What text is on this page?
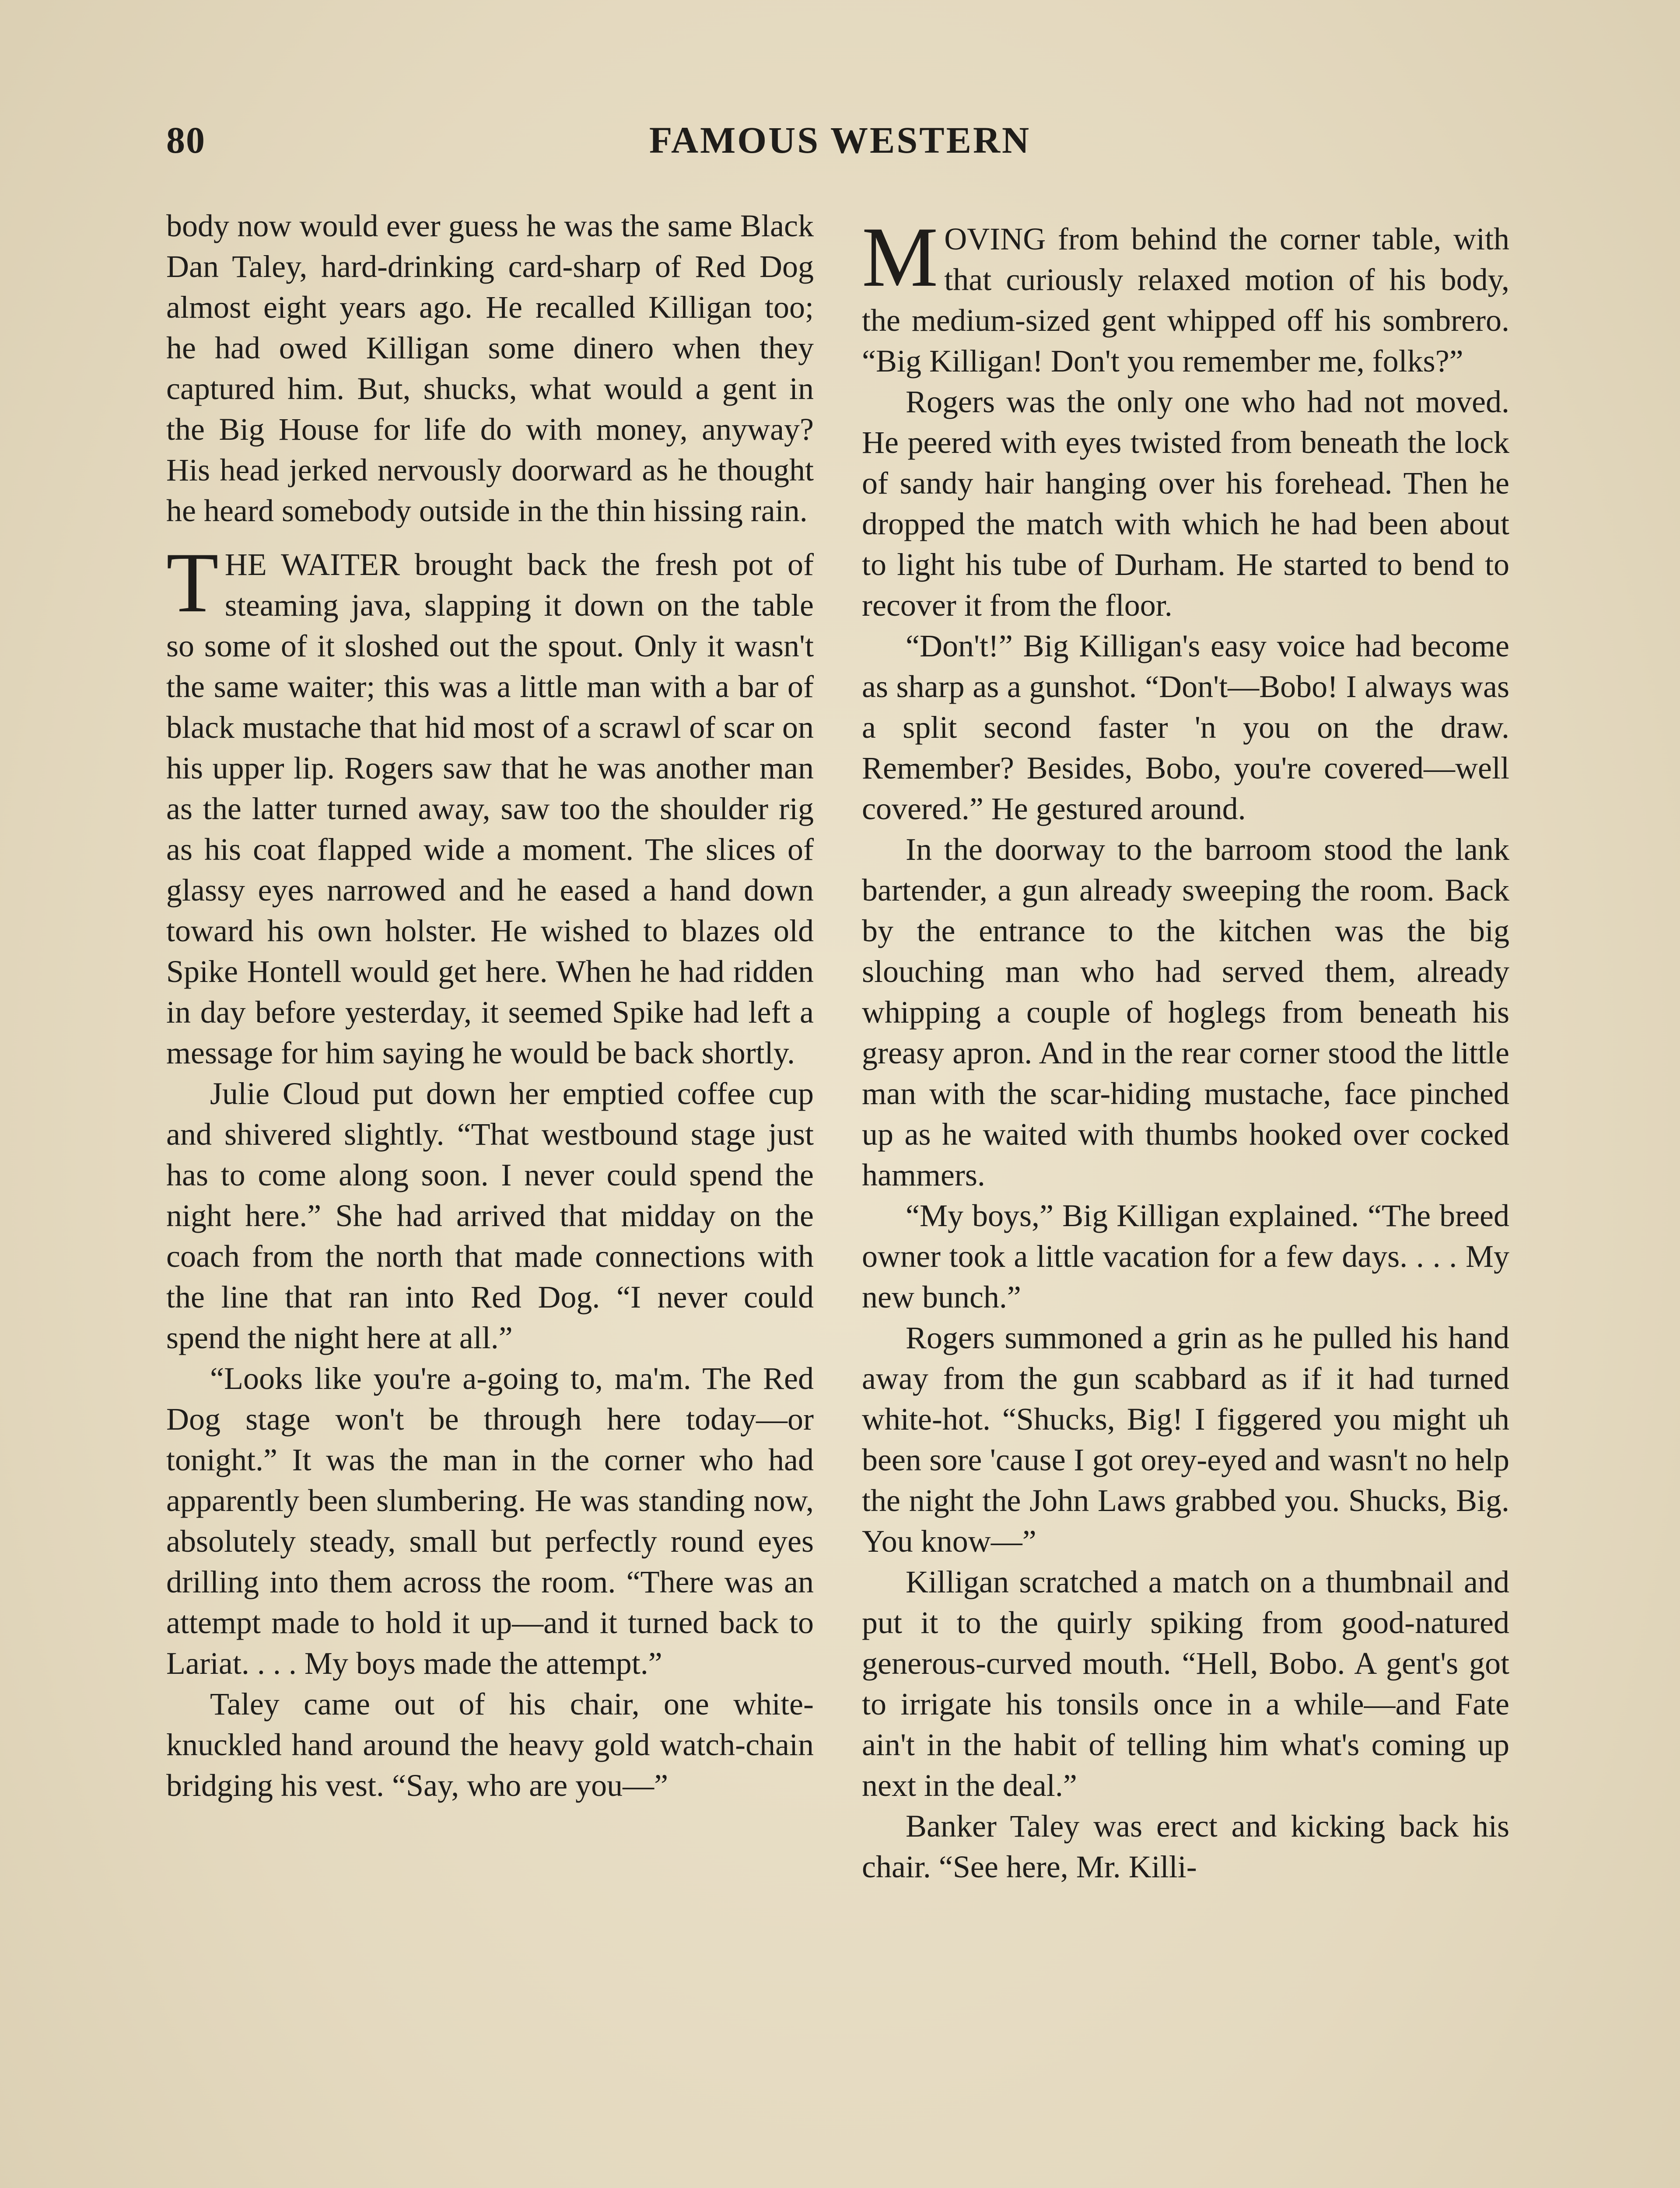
80	FAMOUS WESTERN

body now would ever guess he was the same Black Dan Taley, hard-drinking card-sharp of Red Dog almost eight years ago. He recalled Killigan too; he had owed Killigan some dinero when they captured him. But, shucks, what would a gent in the Big House for life do with money, anyway? His head jerked nervously doorward as he thought he heard somebody outside in the thin hissing rain.

THE WAITER brought back the fresh pot of steaming java, slapping it down on the table so some of it sloshed out the spout. Only it wasn't the same waiter; this was a little man with a bar of black mustache that hid most of a scrawl of scar on his upper lip. Rogers saw that he was another man as the latter turned away, saw too the shoulder rig as his coat flapped wide a moment. The slices of glassy eyes narrowed and he eased a hand down toward his own holster. He wished to blazes old Spike Hontell would get here. When he had ridden in day before yesterday, it seemed Spike had left a message for him saying he would be back shortly.

Julie Cloud put down her emptied coffee cup and shivered slightly. “That westbound stage just has to come along soon. I never could spend the night here.” She had arrived that midday on the coach from the north that made connections with the line that ran into Red Dog. “I never could spend the night here at all.”

“Looks like you're a-going to, ma'm. The Red Dog stage won't be through here today—or tonight.” It was the man in the corner who had apparently been slumbering. He was standing now, absolutely steady, small but perfectly round eyes drilling into them across the room. “There was an attempt made to hold it up—and it turned back to Lariat. . . . My boys made the attempt.”

Taley came out of his chair, one white-knuckled hand around the heavy gold watch-chain bridging his vest. “Say, who are you—”

MOVING from behind the corner table, with that curiously relaxed motion of his body, the medium-sized gent whipped off his sombrero. “Big Killigan! Don't you remember me, folks?”

Rogers was the only one who had not moved. He peered with eyes twisted from beneath the lock of sandy hair hanging over his forehead. Then he dropped the match with which he had been about to light his tube of Durham. He started to bend to recover it from the floor.

“Don't!” Big Killigan's easy voice had become as sharp as a gunshot. “Don't—Bobo! I always was a split second faster 'n you on the draw. Remember? Besides, Bobo, you're covered—well covered.” He gestured around.

In the doorway to the barroom stood the lank bartender, a gun already sweeping the room. Back by the entrance to the kitchen was the big slouching man who had served them, already whipping a couple of hoglegs from beneath his greasy apron. And in the rear corner stood the little man with the scar-hiding mustache, face pinched up as he waited with thumbs hooked over cocked hammers.

“My boys,” Big Killigan explained. “The breed owner took a little vacation for a few days. . . . My new bunch.”

Rogers summoned a grin as he pulled his hand away from the gun scabbard as if it had turned white-hot. “Shucks, Big! I figgered you might uh been sore 'cause I got orey-eyed and wasn't no help the night the John Laws grabbed you. Shucks, Big. You know—”

Killigan scratched a match on a thumbnail and put it to the quirly spiking from good-natured generous-curved mouth. “Hell, Bobo. A gent's got to irrigate his tonsils once in a while—and Fate ain't in the habit of telling him what's coming up next in the deal.”

Banker Taley was erect and kicking back his chair. “See here, Mr. Killi-
